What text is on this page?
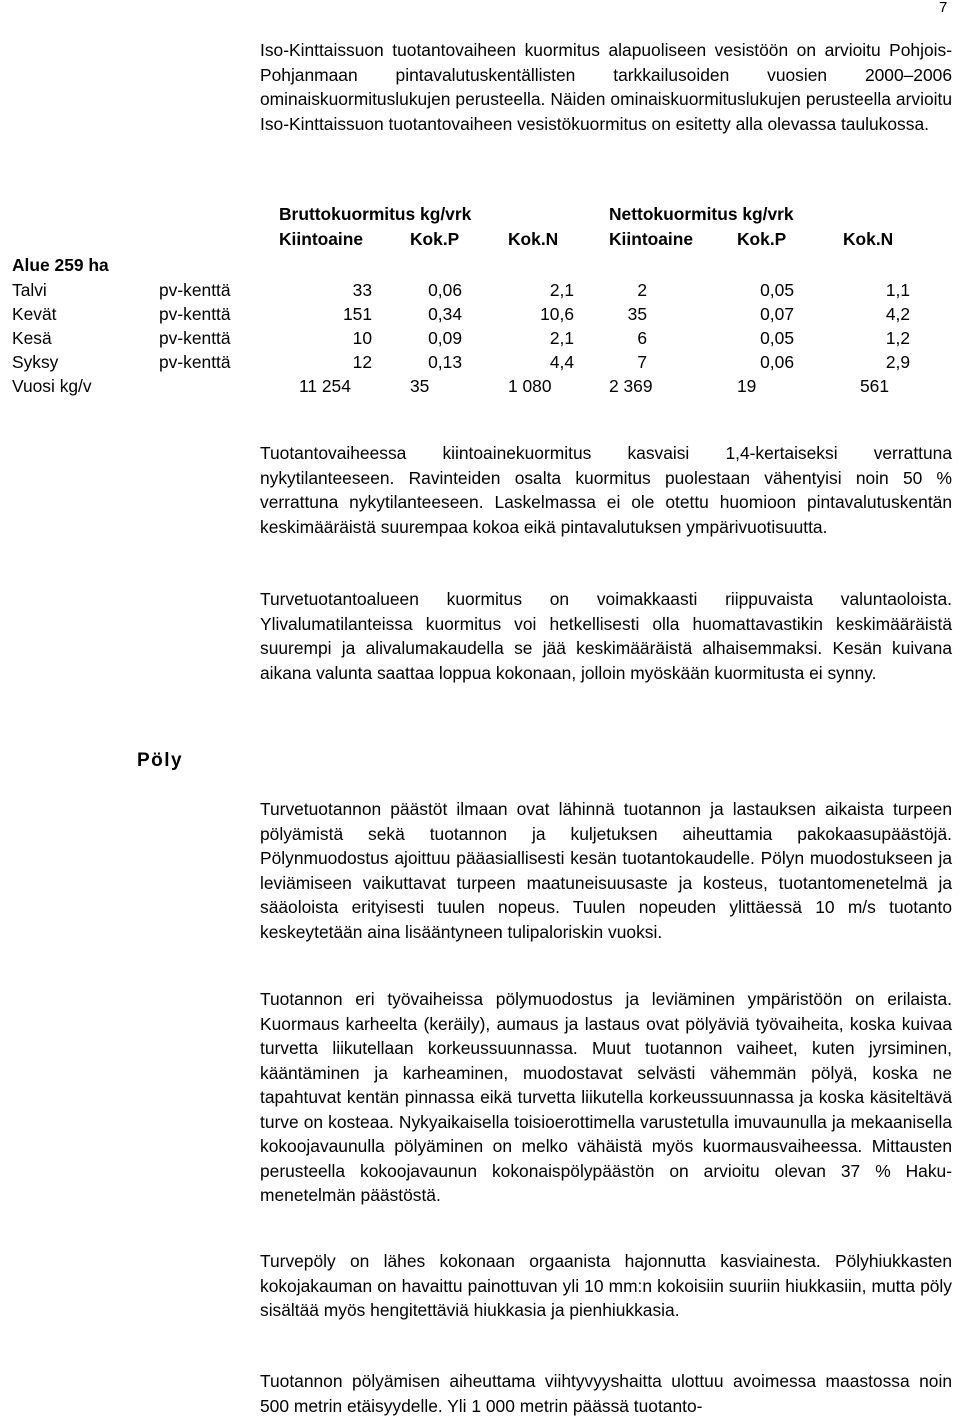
7

Iso-Kinttaissuon tuotantovaiheen kuormitus alapuoliseen vesistöön on arvioitu Pohjois-Pohjanmaan pintavalutuskentällisten tarkkailusoiden vuosien 2000–2006 ominaiskuormituslukujen perusteella. Näiden ominaiskuormituslukujen perusteella arvioitu Iso-Kinttaissuon tuotantovaiheen vesistökuormitus on esitetty alla olevassa taulukossa.

Bruttokuormitus kg/vrk	Nettokuormitus kg/vrk
Kiintoaine	Kok.P	Kok.N	Kiintoaine	Kok.P	Kok.N
Alue 259 ha
Talvi	pv-kenttä	33	0,06	2,1	2	0,05	1,1
Kevät	pv-kenttä	151	0,34	10,6	35	0,07	4,2
Kesä	pv-kenttä	10	0,09	2,1	6	0,05	1,2
Syksy	pv-kenttä	12	0,13	4,4	7	0,06	2,9
Vuosi kg/v	11 254	35	1 080	2 369	19	561

Tuotantovaiheessa kiintoainekuormitus kasvaisi 1,4-kertaiseksi verrattuna nykytilanteeseen. Ravinteiden osalta kuormitus puolestaan vähentyisi noin 50 % verrattuna nykytilanteeseen. Laskelmassa ei ole otettu huomioon pintavalutuskentän keskimääräistä suurempaa kokoa eikä pintavalutuksen ympärivuotisuutta.

Turvetuotantoalueen kuormitus on voimakkaasti riippuvaista valuntaoloista. Ylivalumatilanteissa kuormitus voi hetkellisesti olla huomattavastikin keskimääräistä suurempi ja alivalumakaudella se jää keskimääräistä alhaisemmaksi. Kesän kuivana aikana valunta saattaa loppua kokonaan, jolloin myöskään kuormitusta ei synny.

Pöly

Turvetuotannon päästöt ilmaan ovat lähinnä tuotannon ja lastauksen aikaista turpeen pölyämistä sekä tuotannon ja kuljetuksen aiheuttamia pakokaasupäästöjä. Pölynmuodostus ajoittuu pääasiallisesti kesän tuotantokaudelle. Pölyn muodostukseen ja leviämiseen vaikuttavat turpeen maatuneisuusaste ja kosteus, tuotantomenetelmä ja sääoloista erityisesti tuulen nopeus. Tuulen nopeuden ylittäessä 10 m/s tuotanto keskeytetään aina lisääntyneen tulipaloriskin vuoksi.

Tuotannon eri työvaiheissa pölymuodostus ja leviäminen ympäristöön on erilaista. Kuormaus karheelta (keräily), aumaus ja lastaus ovat pölyäviä työvaiheita, koska kuivaa turvetta liikutellaan korkeussuunnassa. Muut tuotannon vaiheet, kuten jyrsiminen, kääntäminen ja karheaminen, muodostavat selvästi vähemmän pölyä, koska ne tapahtuvat kentän pinnassa eikä turvetta liikutella korkeussuunnassa ja koska käsiteltävä turve on kosteaa. Nykyaikaisella toisioerottimella varustetulla imuvaunulla ja mekaanisella kokoojavaunulla pölyäminen on melko vähäistä myös kuormausvaiheessa. Mittausten perusteella kokoojavaunun kokonaispölypäästön on arvioitu olevan 37 % Haku-menetelmän päästöstä.

Turvepöly on lähes kokonaan orgaanista hajonnutta kasviainesta. Pölyhiukkasten kokojakauman on havaittu painottuvan yli 10 mm:n kokoisiin suuriin hiukkasiin, mutta pöly sisältää myös hengitettäviä hiukkasia ja pienhiukkasia.

Tuotannon pölyämisen aiheuttama viihtyvyyshaitta ulottuu avoimessa maastossa noin 500 metrin etäisyydelle. Yli 1 000 metrin päässä tuotanto-
